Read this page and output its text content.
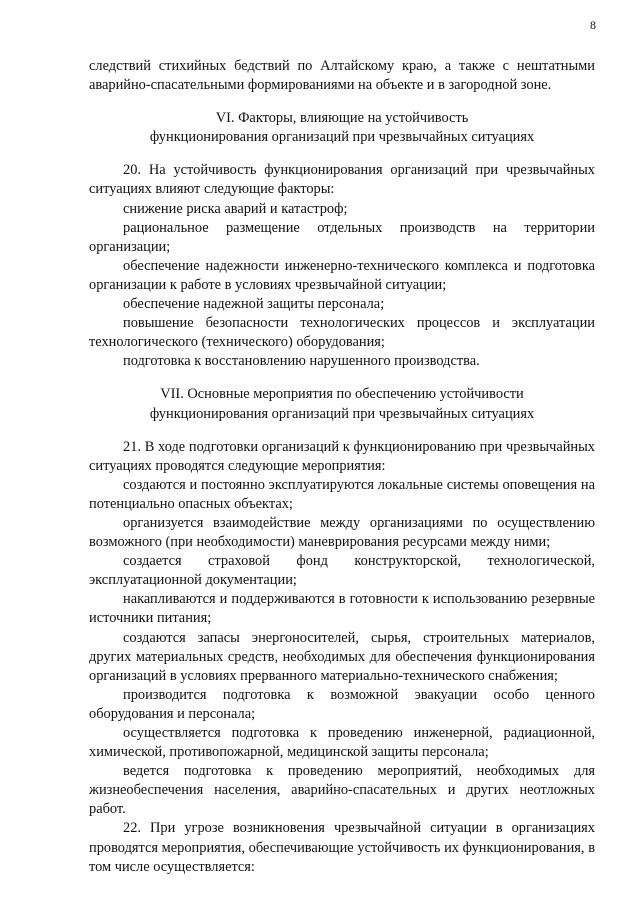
8

следствий стихийных бедствий по Алтайскому краю, а также с нештатными аварийно-спасательными формированиями на объекте и в загородной зоне.

VI. Факторы, влияющие на устойчивость
функционирования организаций при чрезвычайных ситуациях

20. На устойчивость функционирования организаций при чрезвычайных ситуациях влияют следующие факторы:

снижение риска аварий и катастроф;

рациональное размещение отдельных производств на территории организации;

обеспечение надежности инженерно-технического комплекса и подготовка организации к работе в условиях чрезвычайной ситуации;

обеспечение надежной защиты персонала;

повышение безопасности технологических процессов и эксплуатации технологического (технического) оборудования;

подготовка к восстановлению нарушенного производства.

VII. Основные мероприятия по обеспечению устойчивости
функционирования организаций при чрезвычайных ситуациях

21. В ходе подготовки организаций к функционированию при чрезвычайных ситуациях проводятся следующие мероприятия:

создаются и постоянно эксплуатируются локальные системы оповещения на потенциально опасных объектах;

организуется взаимодействие между организациями по осуществлению возможного (при необходимости) маневрирования ресурсами между ними;

создается страховой фонд конструкторской, технологической, эксплуатационной документации;

накапливаются и поддерживаются в готовности к использованию резервные источники питания;

создаются запасы энергоносителей, сырья, строительных материалов, других материальных средств, необходимых для обеспечения функционирования организаций в условиях прерванного материально-технического снабжения;

производится подготовка к возможной эвакуации особо ценного оборудования и персонала;

осуществляется подготовка к проведению инженерной, радиационной, химической, противопожарной, медицинской защиты персонала;

ведется подготовка к проведению мероприятий, необходимых для жизнеобеспечения населения, аварийно-спасательных и других неотложных работ.

22. При угрозе возникновения чрезвычайной ситуации в организациях проводятся мероприятия, обеспечивающие устойчивость их функционирования, в том числе осуществляется:
